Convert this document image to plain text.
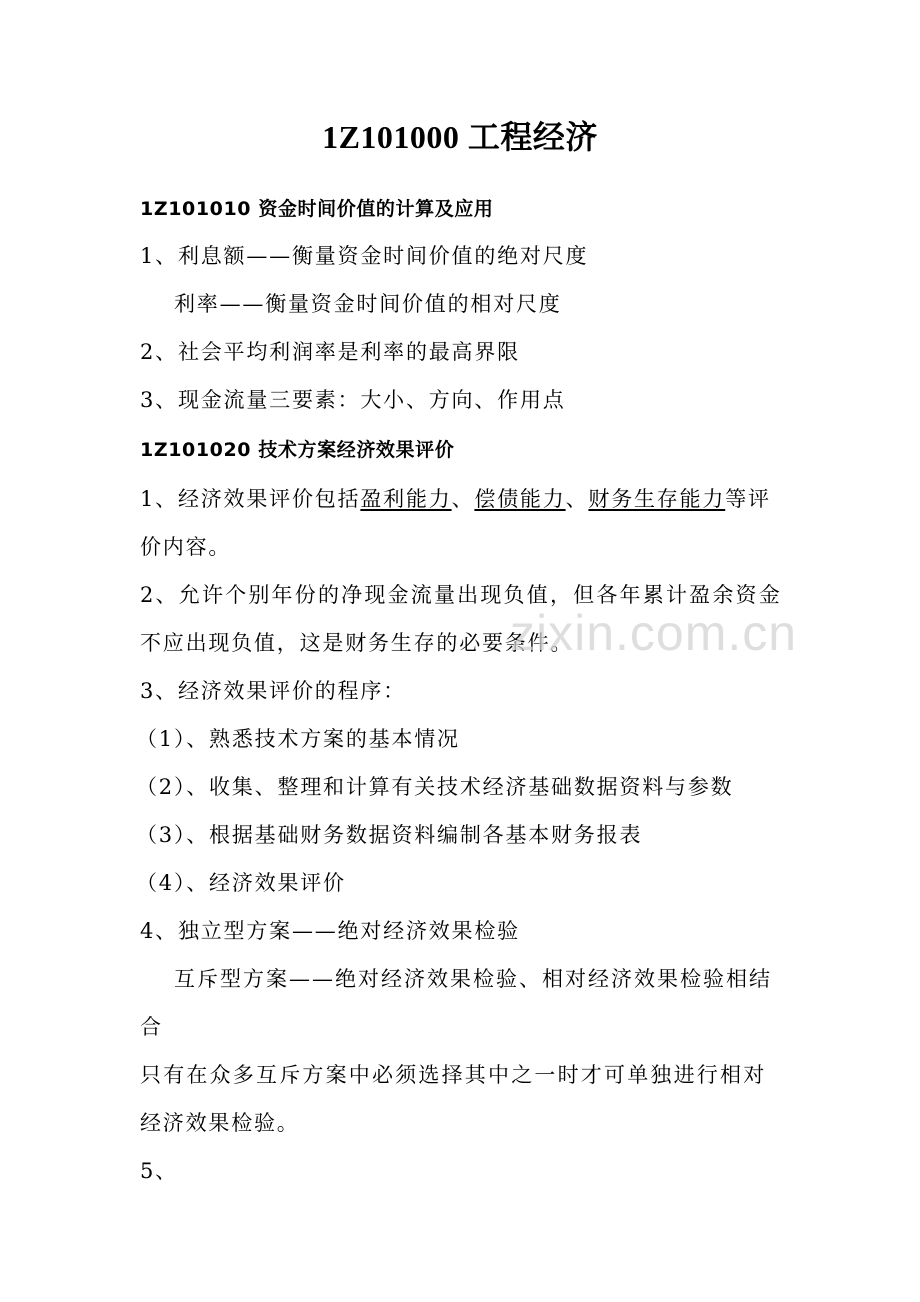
1Z101000 工程经济
1Z101010 资金时间价值的计算及应用
1、利息额——衡量资金时间价值的绝对尺度
利率——衡量资金时间价值的相对尺度
2、社会平均利润率是利率的最高界限
3、现金流量三要素：大小、方向、作用点
1Z101020 技术方案经济效果评价
1、经济效果评价包括盈利能力、偿债能力、财务生存能力等评
价内容。
2、允许个别年份的净现金流量出现负值，但各年累计盈余资金
不应出现负值，这是财务生存的必要条件。
3、经济效果评价的程序：
（1）、熟悉技术方案的基本情况
（2）、收集、整理和计算有关技术经济基础数据资料与参数
（3）、根据基础财务数据资料编制各基本财务报表
（4）、经济效果评价
4、独立型方案——绝对经济效果检验
互斥型方案——绝对经济效果检验、相对经济效果检验相结
合
只有在众多互斥方案中必须选择其中之一时才可单独进行相对
经济效果检验。
5、
zixin.com.cn
